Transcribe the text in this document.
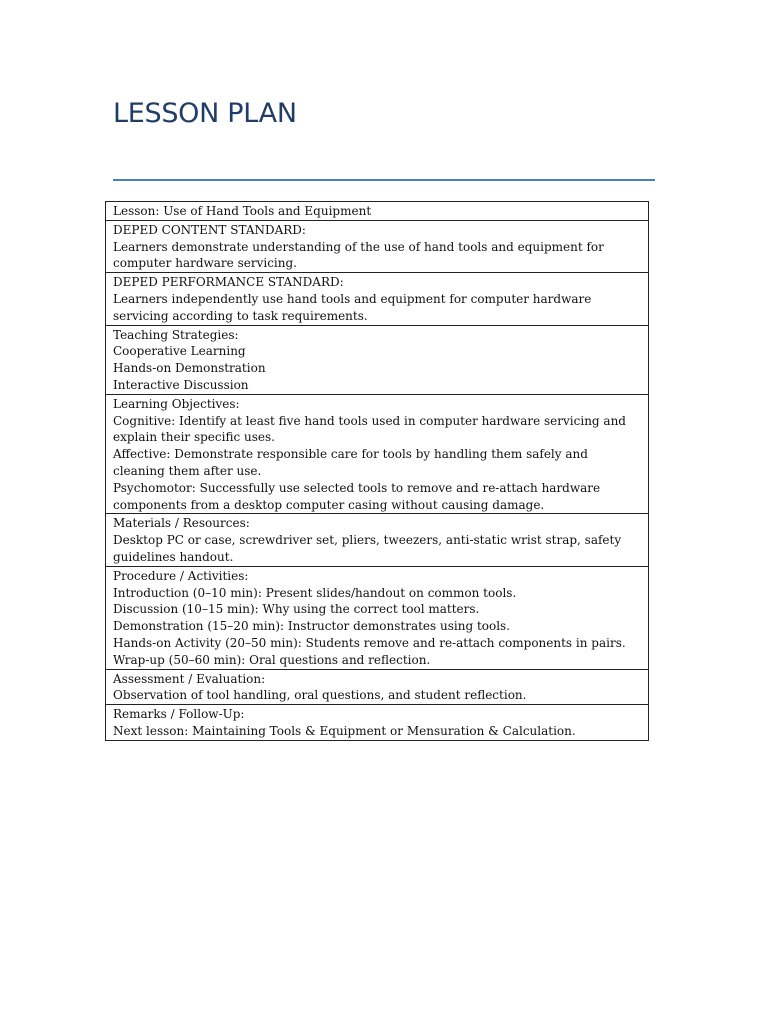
LESSON PLAN
Lesson: Use of Hand Tools and Equipment

DEPED CONTENT STANDARD:
Learners demonstrate understanding of the use of hand tools and equipment for computer hardware servicing.

DEPED PERFORMANCE STANDARD:
Learners independently use hand tools and equipment for computer hardware servicing according to task requirements.

Teaching Strategies:
Cooperative Learning
Hands-on Demonstration
Interactive Discussion

Learning Objectives:
Cognitive: Identify at least five hand tools used in computer hardware servicing and explain their specific uses.
Affective: Demonstrate responsible care for tools by handling them safely and cleaning them after use.
Psychomotor: Successfully use selected tools to remove and re-attach hardware components from a desktop computer casing without causing damage.

Materials / Resources:
Desktop PC or case, screwdriver set, pliers, tweezers, anti-static wrist strap, safety guidelines handout.

Procedure / Activities:
Introduction (0–10 min): Present slides/handout on common tools.
Discussion (10–15 min): Why using the correct tool matters.
Demonstration (15–20 min): Instructor demonstrates using tools.
Hands-on Activity (20–50 min): Students remove and re-attach components in pairs.
Wrap-up (50–60 min): Oral questions and reflection.

Assessment / Evaluation:
Observation of tool handling, oral questions, and student reflection.

Remarks / Follow-Up:
Next lesson: Maintaining Tools & Equipment or Mensuration & Calculation.
